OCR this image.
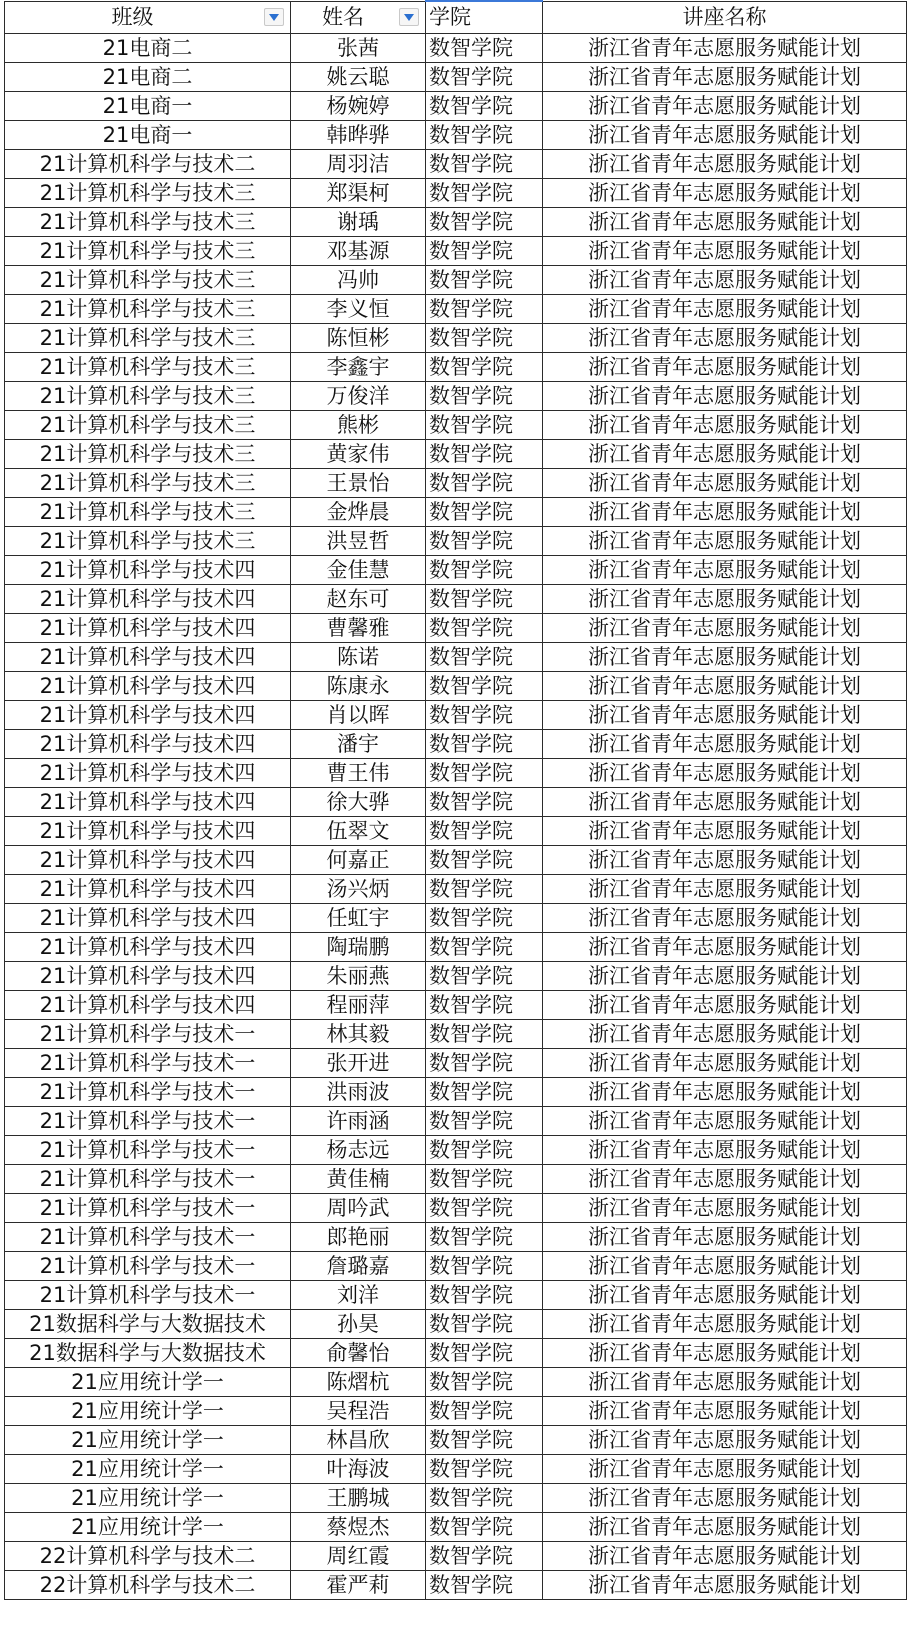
班级	姓名	学院	讲座名称
21电商二	张茜	数智学院	浙江省青年志愿服务赋能计划
21电商二	姚云聪	数智学院	浙江省青年志愿服务赋能计划
21电商一	杨婉婷	数智学院	浙江省青年志愿服务赋能计划
21电商一	韩晔骅	数智学院	浙江省青年志愿服务赋能计划
21计算机科学与技术二	周羽洁	数智学院	浙江省青年志愿服务赋能计划
21计算机科学与技术三	郑渠柯	数智学院	浙江省青年志愿服务赋能计划
21计算机科学与技术三	谢瑀	数智学院	浙江省青年志愿服务赋能计划
21计算机科学与技术三	邓基源	数智学院	浙江省青年志愿服务赋能计划
21计算机科学与技术三	冯帅	数智学院	浙江省青年志愿服务赋能计划
21计算机科学与技术三	李义恒	数智学院	浙江省青年志愿服务赋能计划
21计算机科学与技术三	陈恒彬	数智学院	浙江省青年志愿服务赋能计划
21计算机科学与技术三	李鑫宇	数智学院	浙江省青年志愿服务赋能计划
21计算机科学与技术三	万俊洋	数智学院	浙江省青年志愿服务赋能计划
21计算机科学与技术三	熊彬	数智学院	浙江省青年志愿服务赋能计划
21计算机科学与技术三	黄家伟	数智学院	浙江省青年志愿服务赋能计划
21计算机科学与技术三	王景怡	数智学院	浙江省青年志愿服务赋能计划
21计算机科学与技术三	金烨晨	数智学院	浙江省青年志愿服务赋能计划
21计算机科学与技术三	洪昱哲	数智学院	浙江省青年志愿服务赋能计划
21计算机科学与技术四	金佳慧	数智学院	浙江省青年志愿服务赋能计划
21计算机科学与技术四	赵东可	数智学院	浙江省青年志愿服务赋能计划
21计算机科学与技术四	曹馨雅	数智学院	浙江省青年志愿服务赋能计划
21计算机科学与技术四	陈诺	数智学院	浙江省青年志愿服务赋能计划
21计算机科学与技术四	陈康永	数智学院	浙江省青年志愿服务赋能计划
21计算机科学与技术四	肖以晖	数智学院	浙江省青年志愿服务赋能计划
21计算机科学与技术四	潘宇	数智学院	浙江省青年志愿服务赋能计划
21计算机科学与技术四	曹王伟	数智学院	浙江省青年志愿服务赋能计划
21计算机科学与技术四	徐大骅	数智学院	浙江省青年志愿服务赋能计划
21计算机科学与技术四	伍翠文	数智学院	浙江省青年志愿服务赋能计划
21计算机科学与技术四	何嘉正	数智学院	浙江省青年志愿服务赋能计划
21计算机科学与技术四	汤兴炳	数智学院	浙江省青年志愿服务赋能计划
21计算机科学与技术四	任虹宇	数智学院	浙江省青年志愿服务赋能计划
21计算机科学与技术四	陶瑞鹏	数智学院	浙江省青年志愿服务赋能计划
21计算机科学与技术四	朱丽燕	数智学院	浙江省青年志愿服务赋能计划
21计算机科学与技术四	程丽萍	数智学院	浙江省青年志愿服务赋能计划
21计算机科学与技术一	林其毅	数智学院	浙江省青年志愿服务赋能计划
21计算机科学与技术一	张开进	数智学院	浙江省青年志愿服务赋能计划
21计算机科学与技术一	洪雨波	数智学院	浙江省青年志愿服务赋能计划
21计算机科学与技术一	许雨涵	数智学院	浙江省青年志愿服务赋能计划
21计算机科学与技术一	杨志远	数智学院	浙江省青年志愿服务赋能计划
21计算机科学与技术一	黄佳楠	数智学院	浙江省青年志愿服务赋能计划
21计算机科学与技术一	周吟武	数智学院	浙江省青年志愿服务赋能计划
21计算机科学与技术一	郎艳丽	数智学院	浙江省青年志愿服务赋能计划
21计算机科学与技术一	詹璐嘉	数智学院	浙江省青年志愿服务赋能计划
21计算机科学与技术一	刘洋	数智学院	浙江省青年志愿服务赋能计划
21数据科学与大数据技术	孙昊	数智学院	浙江省青年志愿服务赋能计划
21数据科学与大数据技术	俞馨怡	数智学院	浙江省青年志愿服务赋能计划
21应用统计学一	陈熠杭	数智学院	浙江省青年志愿服务赋能计划
21应用统计学一	吴程浩	数智学院	浙江省青年志愿服务赋能计划
21应用统计学一	林昌欣	数智学院	浙江省青年志愿服务赋能计划
21应用统计学一	叶海波	数智学院	浙江省青年志愿服务赋能计划
21应用统计学一	王鹏城	数智学院	浙江省青年志愿服务赋能计划
21应用统计学一	蔡煜杰	数智学院	浙江省青年志愿服务赋能计划
22计算机科学与技术二	周红霞	数智学院	浙江省青年志愿服务赋能计划
22计算机科学与技术二	霍严莉	数智学院	浙江省青年志愿服务赋能计划
